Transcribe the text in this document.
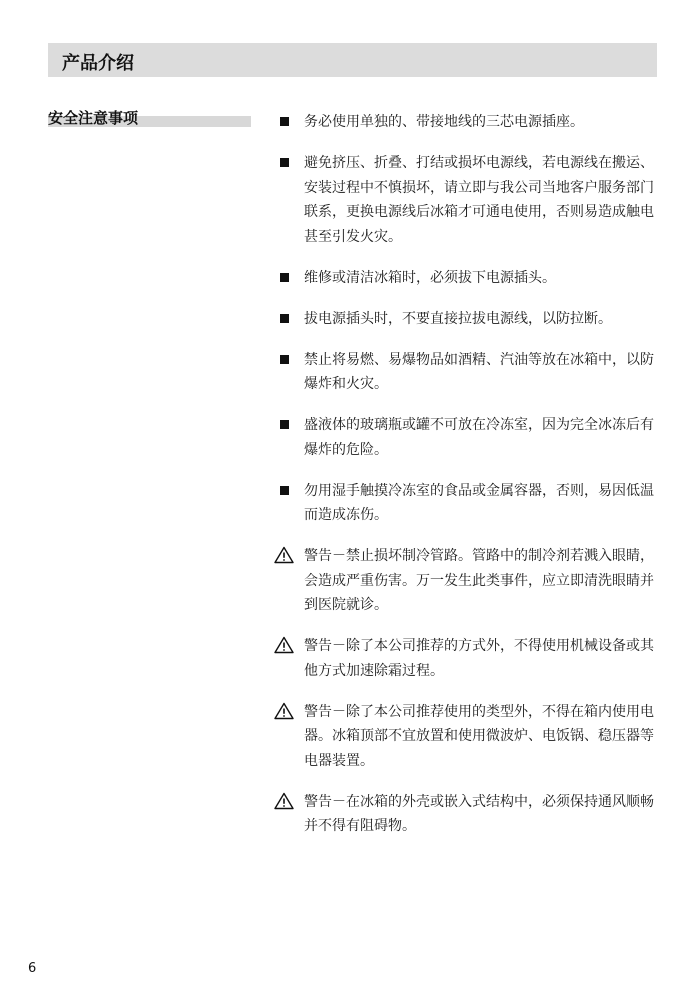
产品介绍
安全注意事项	务必使用单独的、带接地线的三芯电源插座。
避免挤压、折叠、打结或损坏电源线，若电源线在搬运、安装过程中不慎损坏，请立即与我公司当地客户服务部门联系，更换电源线后冰箱才可通电使用，否则易造成触电甚至引发火灾。
维修或清洁冰箱时，必须拔下电源插头。
拔电源插头时，不要直接拉拔电源线，以防拉断。
禁止将易燃、易爆物品如酒精、汽油等放在冰箱中，以防爆炸和火灾。
盛液体的玻璃瓶或罐不可放在冷冻室，因为完全冰冻后有爆炸的危险。
勿用湿手触摸冷冻室的食品或金属容器，否则，易因低温而造成冻伤。
警告－禁止损坏制冷管路。管路中的制冷剂若溅入眼睛，会造成严重伤害。万一发生此类事件，应立即清洗眼睛并到医院就诊。
警告－除了本公司推荐的方式外，不得使用机械设备或其他方式加速除霜过程。
警告－除了本公司推荐使用的类型外，不得在箱内使用电器。冰箱顶部不宜放置和使用微波炉、电饭锅、稳压器等电器装置。
警告－在冰箱的外壳或嵌入式结构中，必须保持通风顺畅并不得有阻碍物。
6
